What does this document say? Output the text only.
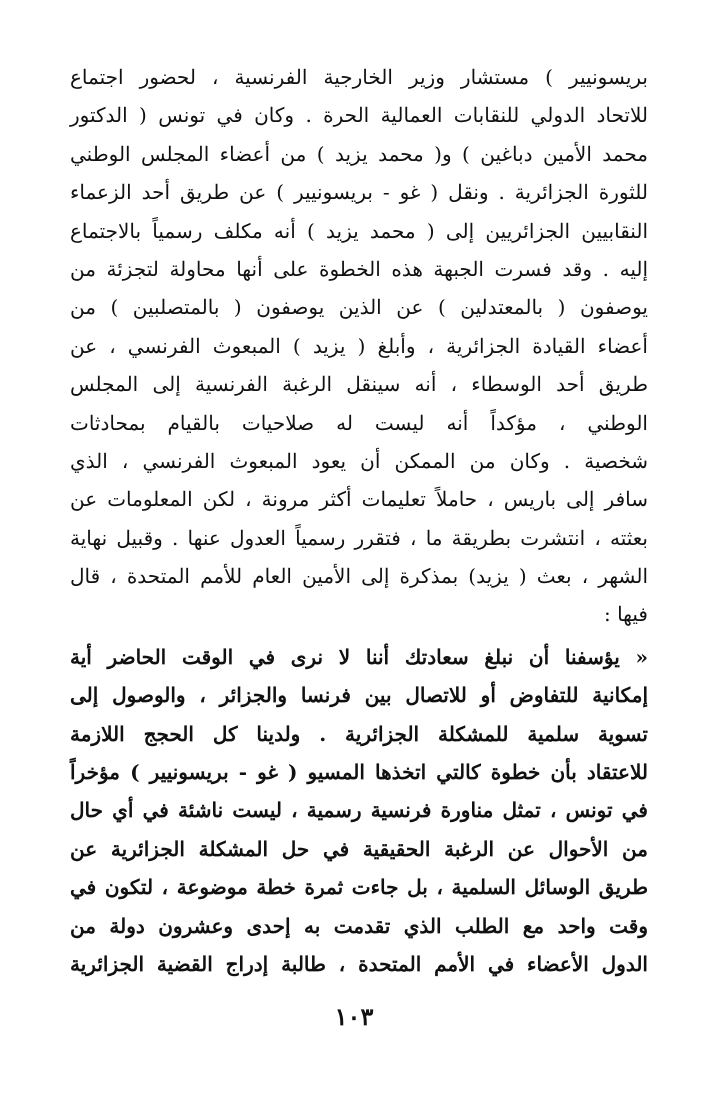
بريسونيير ) مستشار وزير الخارجية الفرنسية ، لحضور اجتماع
للاتحاد الدولي للنقابات العمالية الحرة . وكان في تونس ( الدكتور
محمد الأمين دباغين ) و( محمد يزيد ) من أعضاء المجلس الوطني
للثورة الجزائرية . ونقل ( غو - بريسونيير ) عن طريق أحد الزعماء
النقابيين الجزائريين إلى ( محمد يزيد ) أنه مكلف رسمياً بالاجتماع
إليه . وقد فسرت الجبهة هذه الخطوة على أنها محاولة لتجزئة من
يوصفون ( بالمعتدلين ) عن الذين يوصفون ( بالمتصلبين ) من
أعضاء القيادة الجزائرية ، وأبلغ ( يزيد ) المبعوث الفرنسي ، عن
طريق أحد الوسطاء ، أنه سينقل الرغبة الفرنسية إلى المجلس
الوطني ، مؤكداً أنه ليست له صلاحيات بالقيام بمحادثات
شخصية . وكان من الممكن أن يعود المبعوث الفرنسي ، الذي
سافر إلى باريس ، حاملاً تعليمات أكثر مرونة ، لكن المعلومات عن
بعثته ، انتشرت بطريقة ما ، فتقرر رسمياً العدول عنها . وقبيل نهاية
الشهر ، بعث ( يزيد) بمذكرة إلى الأمين العام للأمم المتحدة ، قال
فيها :
« يؤسفنا أن نبلغ سعادتك أننا لا نرى في الوقت الحاضر أية
إمكانية للتفاوض أو للاتصال بين فرنسا والجزائر ، والوصول إلى
تسوية سلمية للمشكلة الجزائرية . ولدينا كل الحجج اللازمة
للاعتقاد بأن خطوة كالتي اتخذها المسيو ( غو - بريسونيير ) مؤخراً
في تونس ، تمثل مناورة فرنسية رسمية ، ليست ناشئة في أي حال
من الأحوال عن الرغبة الحقيقية في حل المشكلة الجزائرية عن
طريق الوسائل السلمية ، بل جاءت ثمرة خطة موضوعة ، لتكون في
وقت واحد مع الطلب الذي تقدمت به إحدى وعشرون دولة من
الدول الأعضاء في الأمم المتحدة ، طالبة إدراج القضية الجزائرية
١٠٣
